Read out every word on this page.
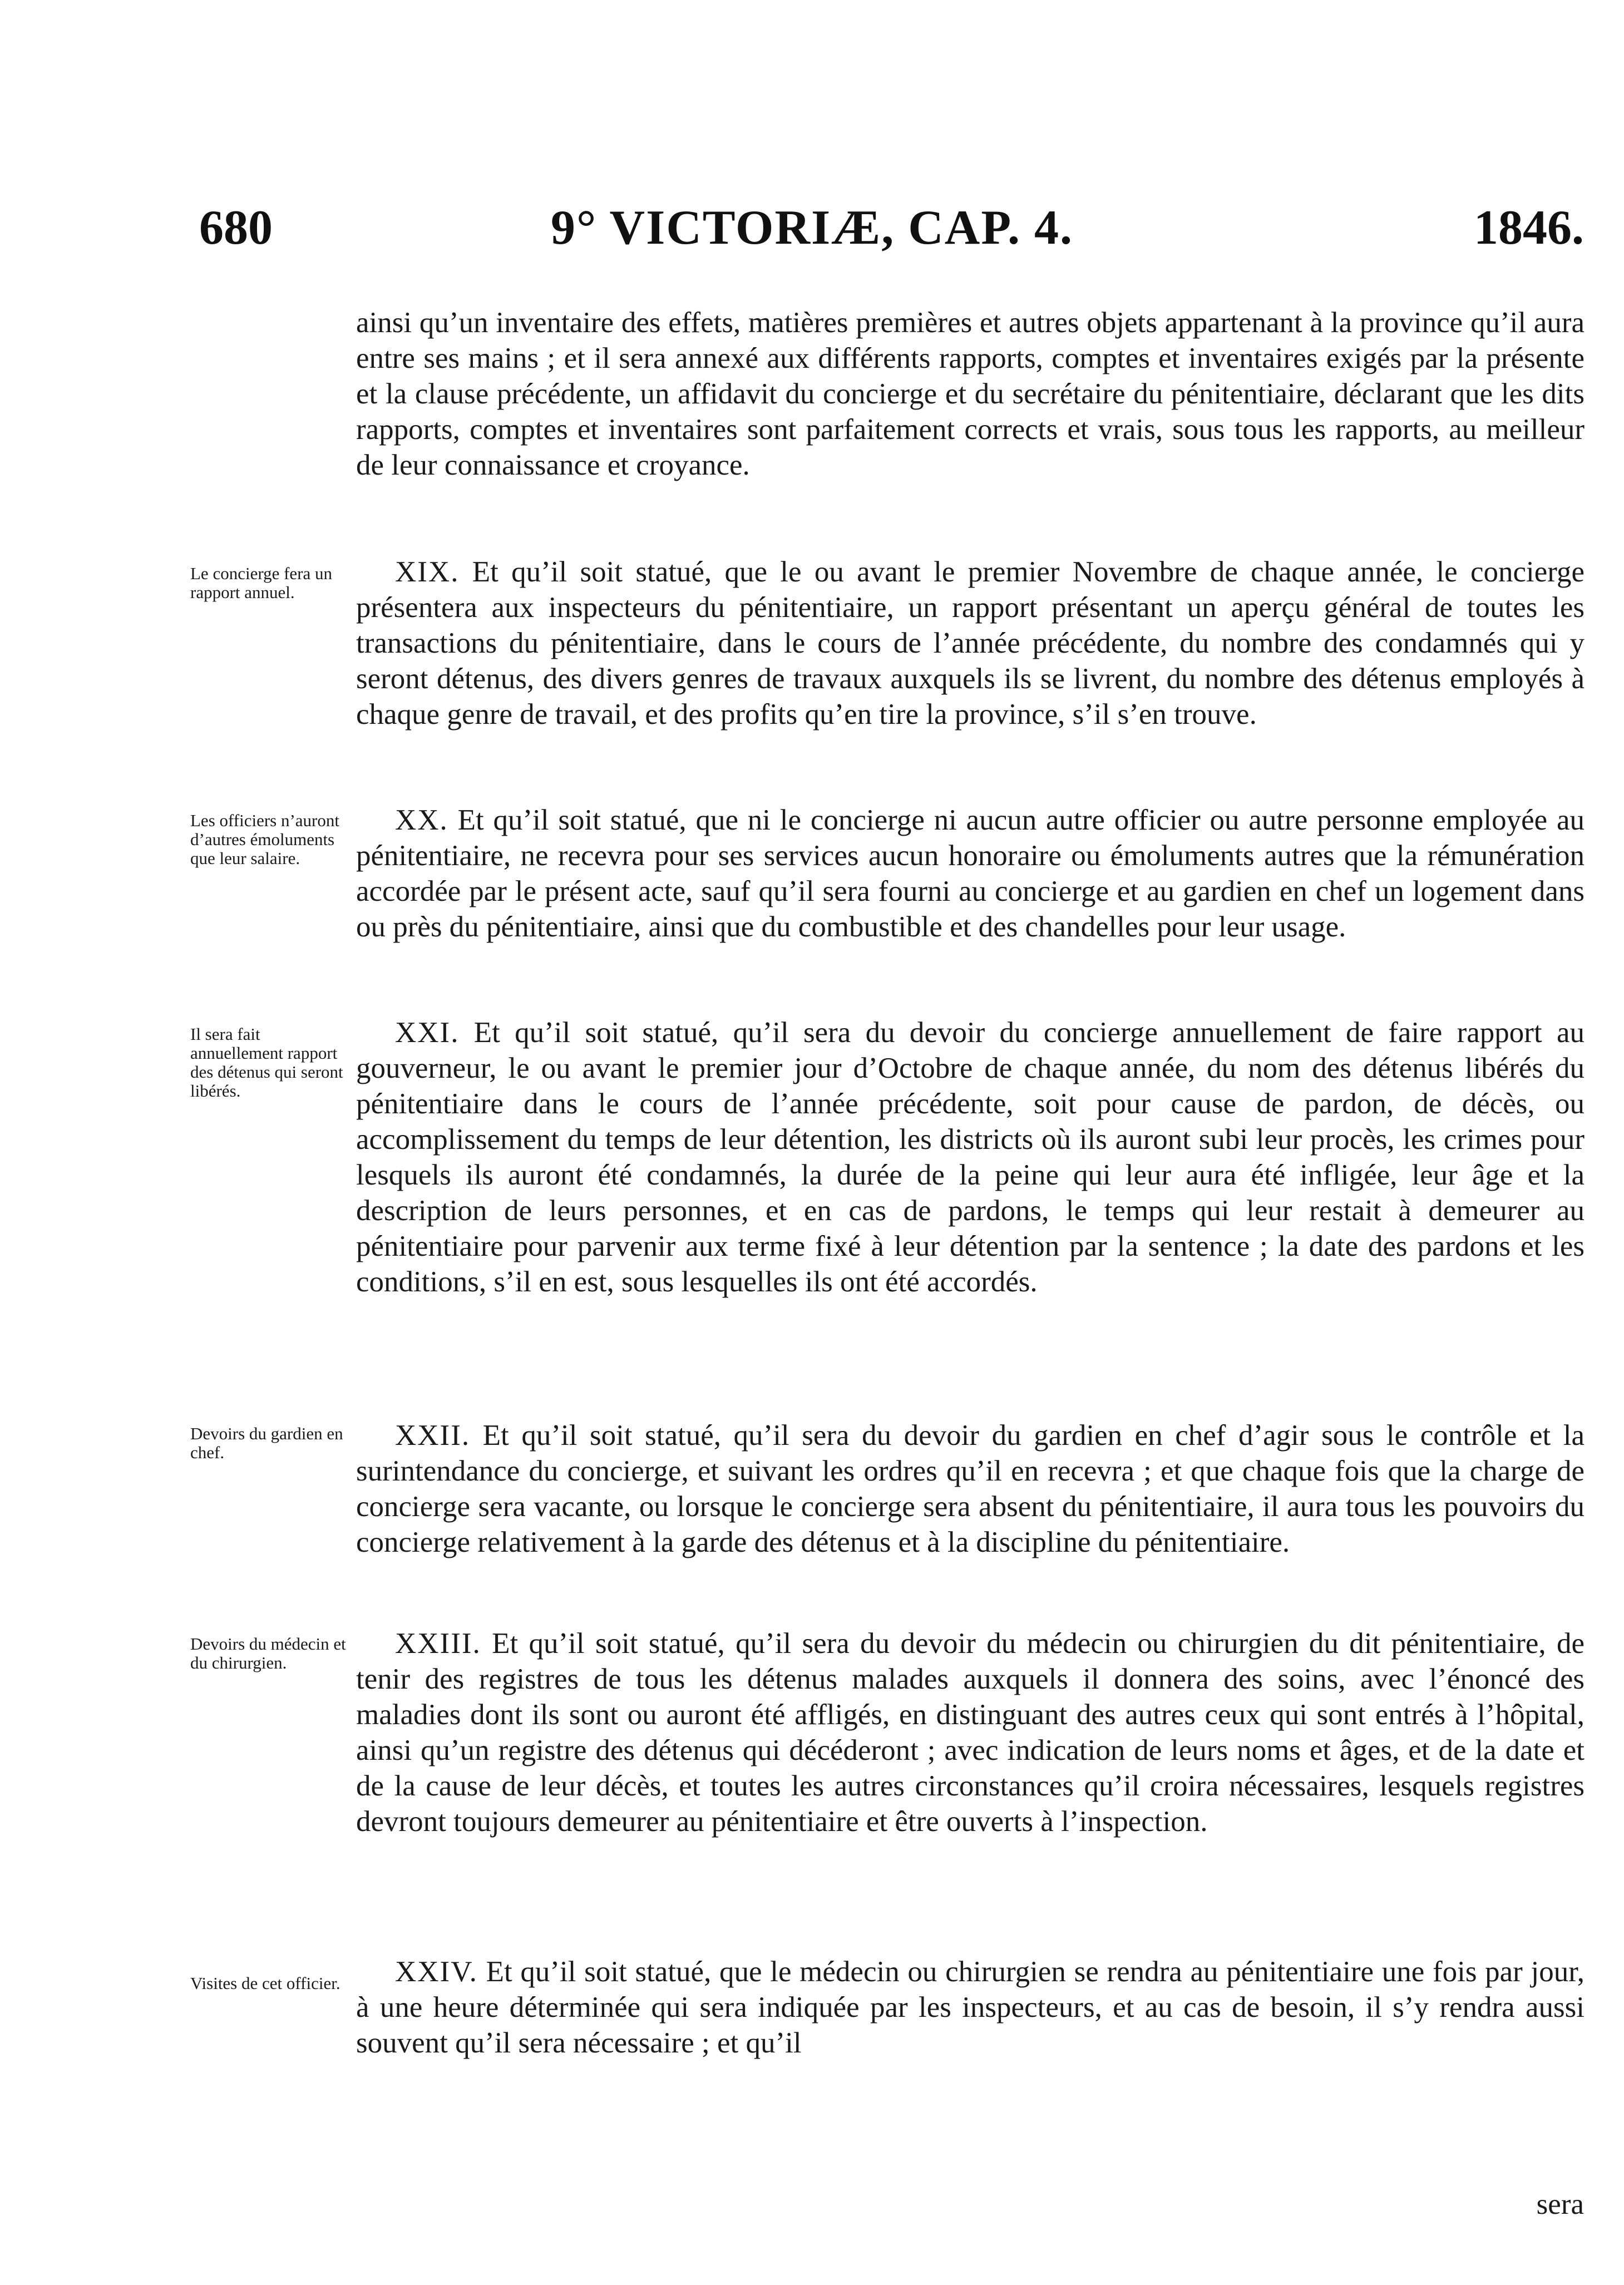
680	9° VICTORIÆ, CAP. 4.	1846.
ainsi qu’un inventaire des effets, matières premières et autres objets appartenant à la province qu’il aura entre ses mains ; et il sera annexé aux différents rapports, comptes et inventaires exigés par la présente et la clause précédente, un affidavit du concierge et du secrétaire du pénitentiaire, déclarant que les dits rapports, comptes et inventaires sont parfaitement corrects et vrais, sous tous les rapports, au meilleur de leur connaissance et croyance.
Le concierge fera un rapport annuel.
XIX. Et qu’il soit statué, que le ou avant le premier Novembre de chaque année, le concierge présentera aux inspecteurs du pénitentiaire, un rapport présentant un aperçu général de toutes les transactions du pénitentiaire, dans le cours de l’année précédente, du nombre des condamnés qui y seront détenus, des divers genres de travaux auxquels ils se livrent, du nombre des détenus employés à chaque genre de travail, et des profits qu’en tire la province, s’il s’en trouve.
Les officiers n’auront d’autres émoluments que leur salaire.
XX. Et qu’il soit statué, que ni le concierge ni aucun autre officier ou autre personne employée au pénitentiaire, ne recevra pour ses services aucun honoraire ou émoluments autres que la rémunération accordée par le présent acte, sauf qu’il sera fourni au concierge et au gardien en chef un logement dans ou près du pénitentiaire, ainsi que du combustible et des chandelles pour leur usage.
Il sera fait annuellement rapport des détenus qui seront libérés.
XXI. Et qu’il soit statué, qu’il sera du devoir du concierge annuellement de faire rapport au gouverneur, le ou avant le premier jour d’Octobre de chaque année, du nom des détenus libérés du pénitentiaire dans le cours de l’année précédente, soit pour cause de pardon, de décès, ou accomplissement du temps de leur détention, les districts où ils auront subi leur procès, les crimes pour lesquels ils auront été condamnés, la durée de la peine qui leur aura été infligée, leur âge et la description de leurs personnes, et en cas de pardons, le temps qui leur restait à demeurer au pénitentiaire pour parvenir aux terme fixé à leur détention par la sentence ; la date des pardons et les conditions, s’il en est, sous lesquelles ils ont été accordés.
Devoirs du gardien en chef.
XXII. Et qu’il soit statué, qu’il sera du devoir du gardien en chef d’agir sous le contrôle et la surintendance du concierge, et suivant les ordres qu’il en recevra ; et que chaque fois que la charge de concierge sera vacante, ou lorsque le concierge sera absent du pénitentiaire, il aura tous les pouvoirs du concierge relativement à la garde des détenus et à la discipline du pénitentiaire.
Devoirs du médecin et du chirurgien.
XXIII. Et qu’il soit statué, qu’il sera du devoir du médecin ou chirurgien du dit pénitentiaire, de tenir des registres de tous les détenus malades auxquels il donnera des soins, avec l’énoncé des maladies dont ils sont ou auront été affligés, en distinguant des autres ceux qui sont entrés à l’hôpital, ainsi qu’un registre des détenus qui décéderont ; avec indication de leurs noms et âges, et de la date et de la cause de leur décès, et toutes les autres circonstances qu’il croira nécessaires, lesquels registres devront toujours demeurer au pénitentiaire et être ouverts à l’inspection.
Visites de cet officier.	XXIV. Et qu’il soit statué, que le médecin ou chirurgien se rendra au pénitentiaire une fois par jour, à une heure déterminée qui sera indiquée par les inspecteurs, et au cas de besoin, il s’y rendra aussi souvent qu’il sera nécessaire ; et qu’il
sera
